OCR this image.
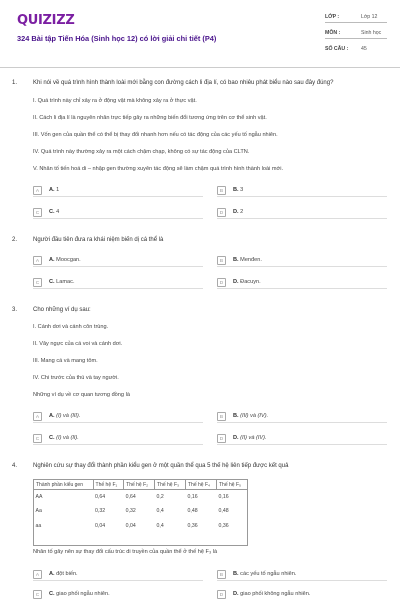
QUIZIZZ
324 Bài tập Tiến Hóa (Sinh học 12) có lời giải chi tiết (P4)
LỚP :	Lớp 12
MÔN :	Sinh học
SỐ CÂU : 45
1.	Khi nói về quá trình hình thành loài mới bằng con đường cách li địa lí, có bao nhiêu phát biểu nào sau đây đúng?
I. Quá trình này chỉ xảy ra ở động vật mà không xảy ra ở thực vật.
II. Cách li địa lí là nguyên nhân trực tiếp gây ra những biến đổi tương ứng trên cơ thể sinh vật.
III. Vốn gen của quần thể có thể bị thay đổi nhanh hơn nếu có tác động của các yếu tố ngẫu nhiên.
IV. Quá trình này thường xảy ra một cách chậm chạp, không có sự tác động của CLTN.
V. Nhân tố tiến hoá di – nhập gen thường xuyên tác động sẽ làm chậm quá trình hình thành loài mới.
A	A. 1	B	B. 3
C	C. 4	D	D. 2
2.	Người đầu tiên đưa ra khái niệm biến dị cá thể là
A	A. Moocgan.	B	B. Menđen.
C	C. Lamac.	D	D. Đacuyn.
3.	Cho những ví dụ sau:
I. Cánh dơi và cánh côn trùng.
II. Vây ngực của cá voi và cánh dơi.
III. Mang cá và mang tôm.
IV. Chi trước của thú và tay người.
Những ví dụ về cơ quan tương đồng là
A	A. (I) và (III).	B	B. (III) và (IV).
C	C. (I) và (II).	D	D. (II) và (IV).
4.	Nghiên cứu sự thay đổi thành phần kiểu gen ở một quần thể qua 5 thế hệ liên tiếp được kết quả
Thành phần kiểu gen	Thế hệ F₁	Thế hệ F₂	Thế hệ F₃	Thế hệ F₄	Thế hệ F₅
AA	0,64	0,64	0,2	0,16	0,16
Aa	0,32	0,32	0,4	0,48	0,48
aa	0,04	0,04	0,4	0,36	0,36
Nhân tố gây nên sự thay đổi cấu trúc di truyền của quần thể ở thế hệ F₃ là
A	A. đột biến.	B	B. các yếu tố ngẫu nhiên.
C	C. giao phối ngẫu nhiên.	D	D. giao phối không ngẫu nhiên.
